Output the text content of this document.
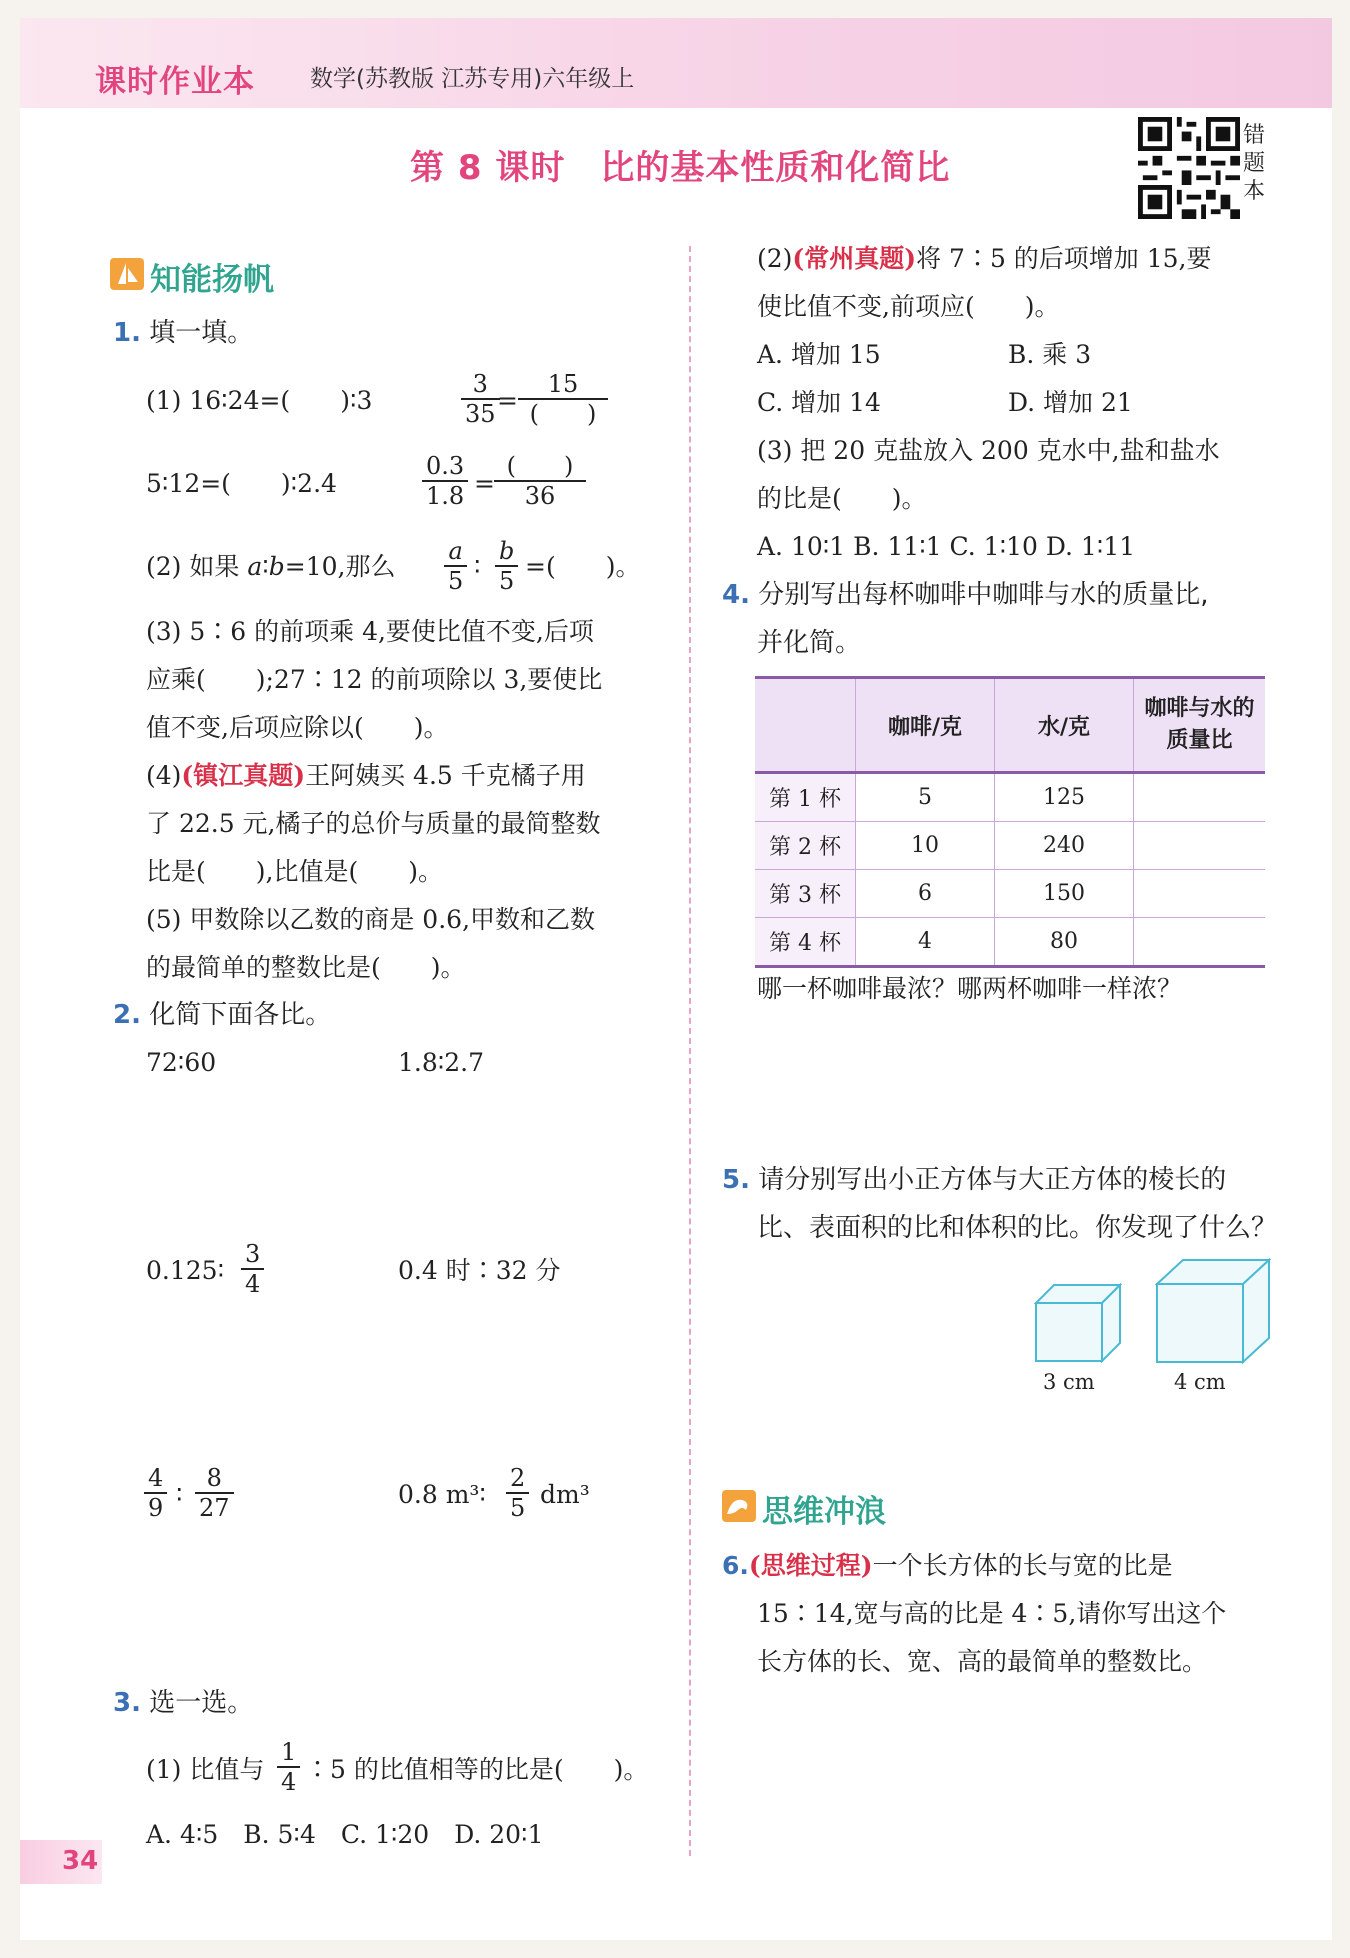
课时作业本 数学(苏教版 江苏专用)六年级上
第 8 课时　比的基本性质和化简比
错题本
知能扬帆
1. 填一填。
(1) 16∶24=(　　)∶3	$\frac{3}{35}$
=
15
(　　)
5∶12=(　　)∶2.4	$\frac{0.3}{1.8}$ =
(　　)
36
(2) 如果 a∶b=10,那么 $\frac{a}{5}$ ∶ $\frac{b}{5}$ =(　　)。
(3) 5∶6 的前项乘 4,要使比值不变,后项
应乘(　　);27∶12 的前项除以 3,要使比
值不变,后项应除以(　　)。
(4)(镇江真题)王阿姨买 4.5 千克橘子用
了 22.5 元,橘子的总价与质量的最简整数
比是(　　),比值是(　　)。
(5) 甲数除以乙数的商是 0.6,甲数和乙数
的最简单的整数比是(　　)。
2. 化简下面各比。
72∶60	1.8∶2.7
0.125∶ $\frac{3}{4}$	0.4 时∶32 分
$\frac{4}{9}$ ∶ $\frac{8}{27}$	0.8 m³∶ $\frac{2}{5} dm^3$
3. 选一选。
(1) 比值与 $\frac{1}{4}$ ∶5 的比值相等的比是(　　)。
A. 4∶5　B. 5∶4　C. 1∶20　D. 20∶1
(2)(常州真题)将 7∶5 的后项增加 15,要
使比值不变,前项应(　　)。
A. 增加 15	B. 乘 3
C. 增加 14	D. 增加 21
(3) 把 20 克盐放入 200 克水中,盐和盐水
的比是(　　)。
A. 10∶1 B. 11∶1 C. 1∶10 D. 1∶11
4. 分别写出每杯咖啡中咖啡与水的质量比,
并化简。
	咖啡/克	水/克	咖啡与水的质量比
第 1 杯	5	125	
第 2 杯	10	240	
第 3 杯	6	150	
第 4 杯	4	80	
哪一杯咖啡最浓？哪两杯咖啡一样浓？
5. 请分别写出小正方体与大正方体的棱长的
比、表面积的比和体积的比。你发现了什么？
3 cm	4 cm
思维冲浪
6.(思维过程)一个长方体的长与宽的比是
15∶14,宽与高的比是 4∶5,请你写出这个
长方体的长、宽、高的最简单的整数比。
34
